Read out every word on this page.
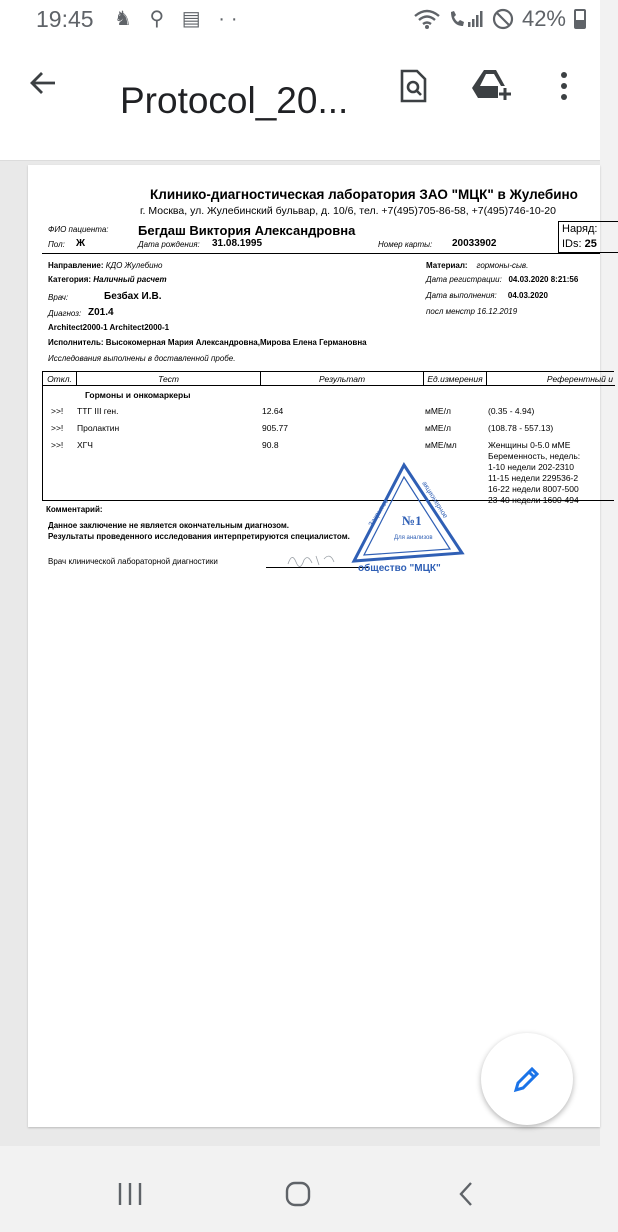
19:45 ♞ ⚲ ▤ ··	42%
Protocol_20...
Клинико-диагностическая лаборатория ЗАО "МЦК" в Жулебино
г. Москва, ул. Жулебинский бульвар, д. 10/6, тел. +7(495)705-86-58, +7(495)746-10-20
ФИО пациента: Бегдаш Виктория Александровна	Наряд:
IDs: 25
Пол: Ж	Дата рождения: 31.08.1995	Номер карты: 20033902
Направление: КДО Жулебино
Категория: Наличный расчет
Врач:	Безбах И.В.
Диагноз: Z01.4
Architect2000-1 Architect2000-1
Исполнитель: Высокомерная Мария Александровна,Мирова Елена Германовна
Исследования выполнены в доставленной пробе.
Материал: гормоны-сыв.
Дата регистрации: 04.03.2020 8:21:56
Дата выполнения: 04.03.2020
посл менстр 16.12.2019
Откл.	Тест	Результат	Ед.измерения	Референтный и
Гормоны и онкомаркеры
>>! ТТГ III ген.	12.64	мМЕ/л	(0.35 - 4.94)
>>! Пролактин	905.77	мМЕ/л	(108.78 - 557.13)
>>! ХГЧ	90.8	мМЕ/мл	Женщины 0-5.0 мМЕ
Беременность, недель:
1-10 недели 202-2310
11-15 недели 229536-2
16-22 недели 8007-500
23-40 недели 1600-494
Комментарий:
Данное заключение не является окончательным диагнозом.
Результаты проведенного исследования интерпретируются специалистом.
Врач клинической лабораторной диагностики
№1
Для анализов
общество "МЦК"
Закрытое	акционерное
